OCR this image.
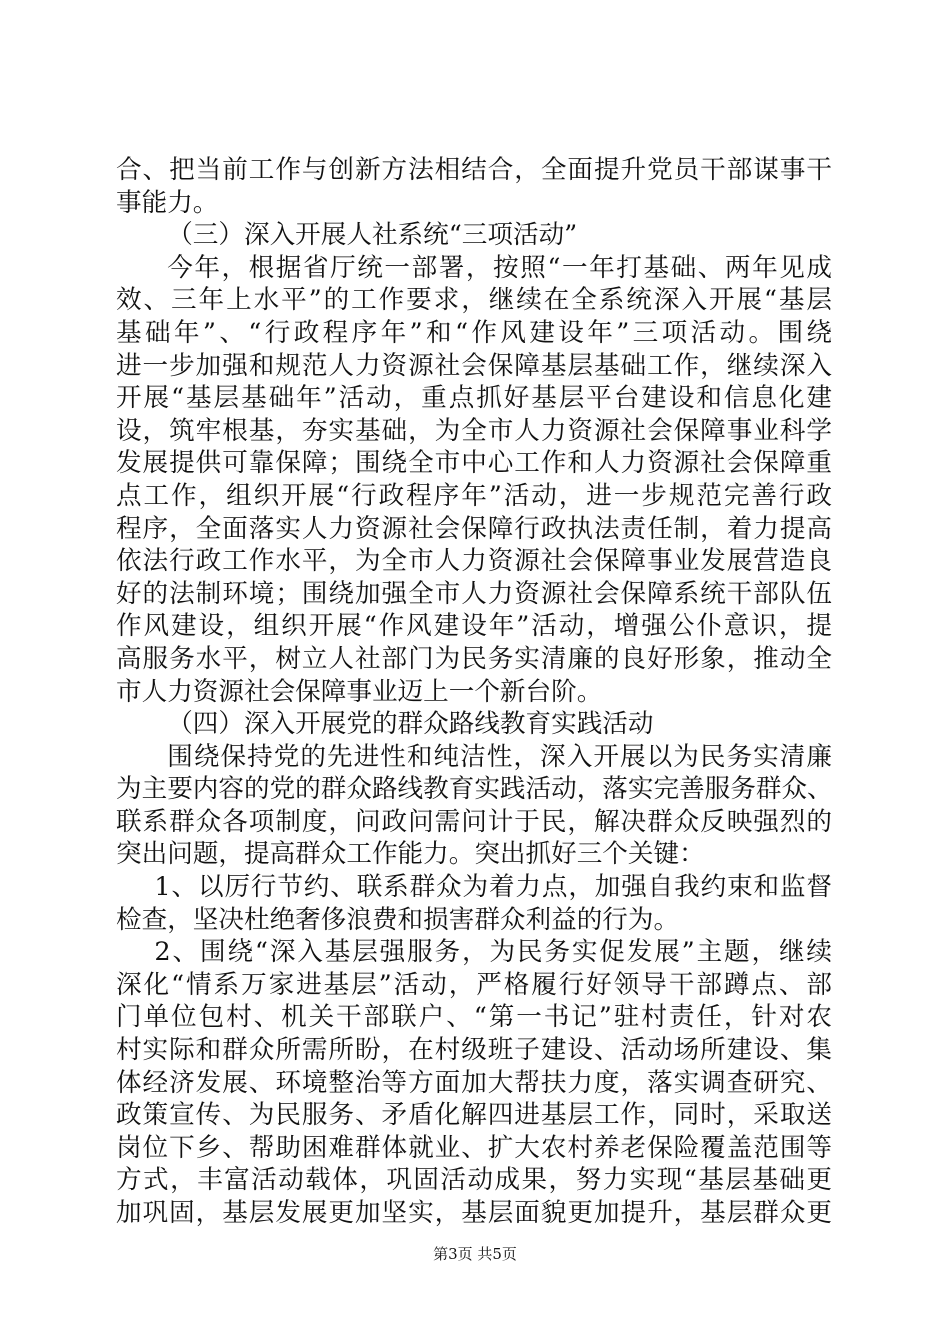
合、把当前工作与创新方法相结合，全面提升党员干部谋事干
事能力。
（三）深入开展人社系统“三项活动”
今年，根据省厅统一部署，按照“一年打基础、两年见成
效、三年上水平”的工作要求，继续在全系统深入开展“基层
基础年”、“行政程序年”和“作风建设年”三项活动。围绕
进一步加强和规范人力资源社会保障基层基础工作，继续深入
开展“基层基础年”活动，重点抓好基层平台建设和信息化建
设，筑牢根基，夯实基础，为全市人力资源社会保障事业科学
发展提供可靠保障；围绕全市中心工作和人力资源社会保障重
点工作，组织开展“行政程序年”活动，进一步规范完善行政
程序，全面落实人力资源社会保障行政执法责任制，着力提高
依法行政工作水平，为全市人力资源社会保障事业发展营造良
好的法制环境；围绕加强全市人力资源社会保障系统干部队伍
作风建设，组织开展“作风建设年”活动，增强公仆意识，提
高服务水平，树立人社部门为民务实清廉的良好形象，推动全
市人力资源社会保障事业迈上一个新台阶。
（四）深入开展党的群众路线教育实践活动
围绕保持党的先进性和纯洁性，深入开展以为民务实清廉
为主要内容的党的群众路线教育实践活动，落实完善服务群众、
联系群众各项制度，问政问需问计于民，解决群众反映强烈的
突出问题，提高群众工作能力。突出抓好三个关键：
1、以厉行节约、联系群众为着力点，加强自我约束和监督
检查，坚决杜绝奢侈浪费和损害群众利益的行为。
2、围绕“深入基层强服务，为民务实促发展”主题，继续
深化“情系万家进基层”活动，严格履行好领导干部蹲点、部
门单位包村、机关干部联户、“第一书记”驻村责任，针对农
村实际和群众所需所盼，在村级班子建设、活动场所建设、集
体经济发展、环境整治等方面加大帮扶力度，落实调查研究、
政策宣传、为民服务、矛盾化解四进基层工作，同时，采取送
岗位下乡、帮助困难群体就业、扩大农村养老保险覆盖范围等
方式，丰富活动载体，巩固活动成果，努力实现“基层基础更
加巩固，基层发展更加坚实，基层面貌更加提升，基层群众更
第3页 共5页
